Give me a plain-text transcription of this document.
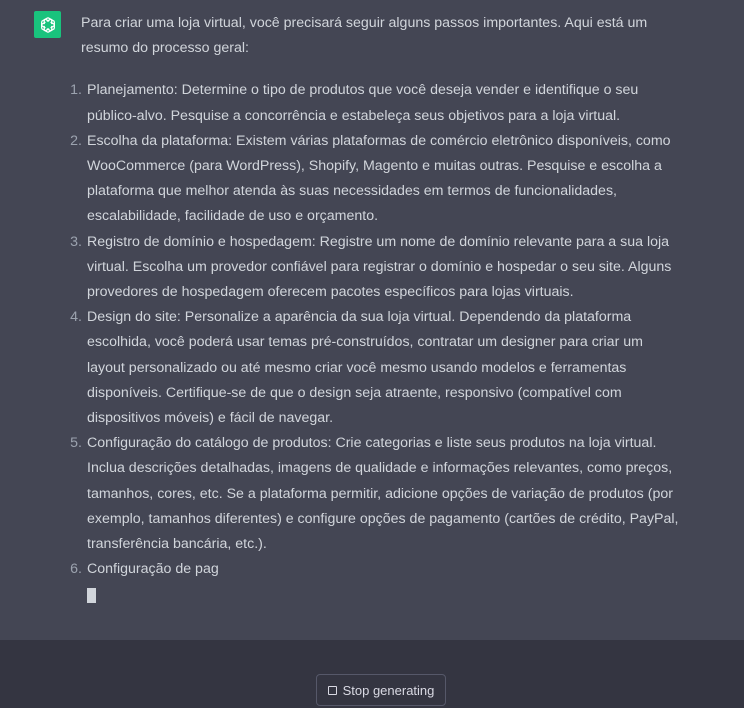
Para criar uma loja virtual, você precisará seguir alguns passos importantes. Aqui está um resumo do processo geral:

1. Planejamento: Determine o tipo de produtos que você deseja vender e identifique o seu público-alvo. Pesquise a concorrência e estabeleça seus objetivos para a loja virtual.
2. Escolha da plataforma: Existem várias plataformas de comércio eletrônico disponíveis, como WooCommerce (para WordPress), Shopify, Magento e muitas outras. Pesquise e escolha a plataforma que melhor atenda às suas necessidades em termos de funcionalidades, escalabilidade, facilidade de uso e orçamento.
3. Registro de domínio e hospedagem: Registre um nome de domínio relevante para a sua loja virtual. Escolha um provedor confiável para registrar o domínio e hospedar o seu site. Alguns provedores de hospedagem oferecem pacotes específicos para lojas virtuais.
4. Design do site: Personalize a aparência da sua loja virtual. Dependendo da plataforma escolhida, você poderá usar temas pré-construídos, contratar um designer para criar um layout personalizado ou até mesmo criar você mesmo usando modelos e ferramentas disponíveis. Certifique-se de que o design seja atraente, responsivo (compatível com dispositivos móveis) e fácil de navegar.
5. Configuração do catálogo de produtos: Crie categorias e liste seus produtos na loja virtual. Inclua descrições detalhadas, imagens de qualidade e informações relevantes, como preços, tamanhos, cores, etc. Se a plataforma permitir, adicione opções de variação de produtos (por exemplo, tamanhos diferentes) e configure opções de pagamento (cartões de crédito, PayPal, transferência bancária, etc.).
6. Configuração de pag
Stop generating
